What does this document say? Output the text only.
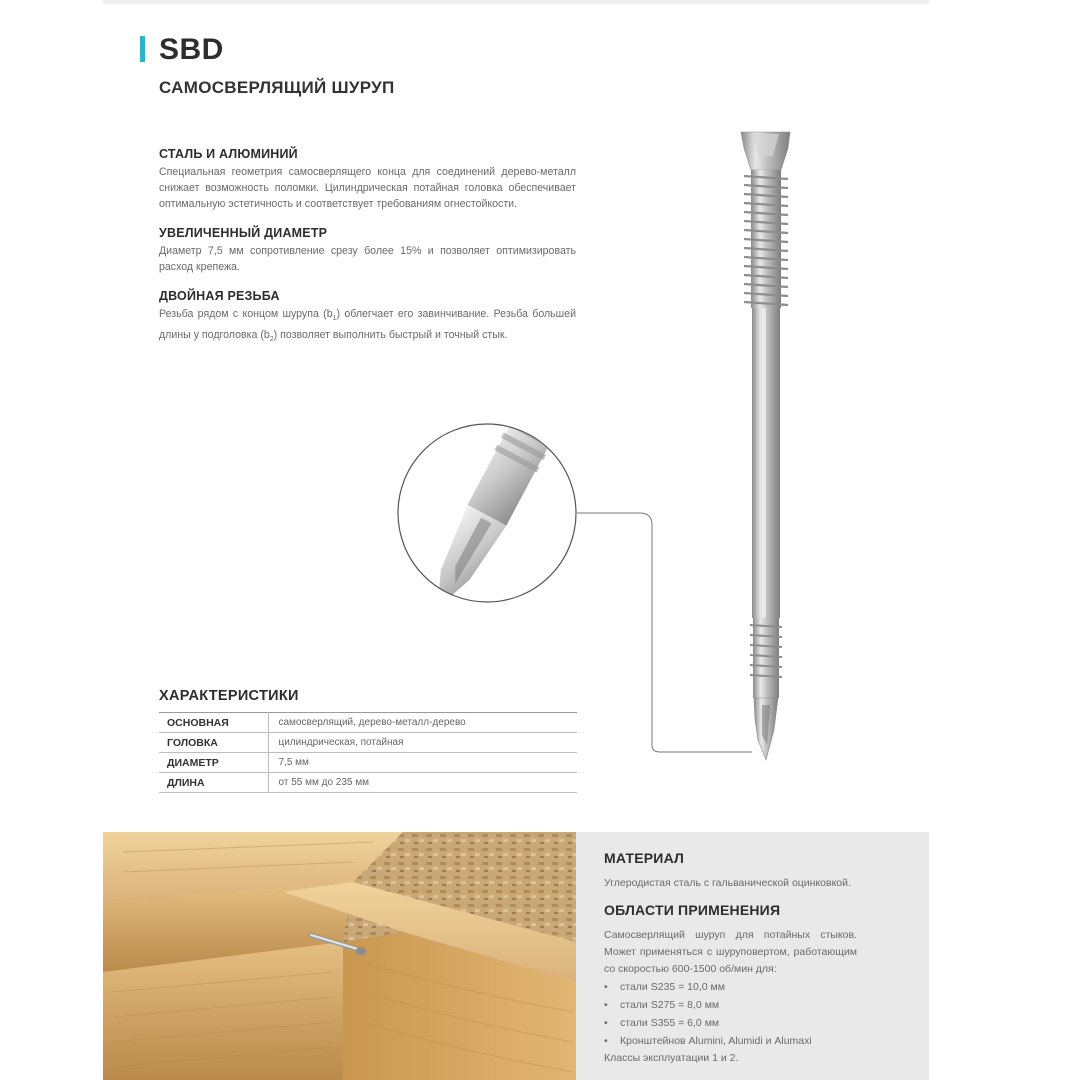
SBD
САМОСВЕРЛЯЩИЙ ШУРУП
СТАЛЬ И АЛЮМИНИЙ

Специальная геометрия самосверлящего конца для соединений дерево-металл снижает возможность поломки. Цилиндрическая потайная головка обеспечивает оптимальную эстетичность и соответствует требованиям огнестойкости.

УВЕЛИЧЕННЫЙ ДИАМЕТР

Диаметр 7,5 мм сопротивление срезу более 15% и позволяет оптимизировать расход крепежа.

ДВОЙНАЯ РЕЗЬБА

Резьба рядом с концом шурупа $(b_1)$ облегчает его завинчивание. Резьба большей длины у подголовка $(b_2)$ позволяет выполнить быстрый и точный стык.

ХАРАКТЕРИСТИКИ
ОСНОВНАЯ	самосверлящий, дерево-металл-дерево
ГОЛОВКА	цилиндрическая, потайная
ДИАМЕТР	7,5 мм
ДЛИНА	от 55 мм до 235 мм
МАТЕРИАЛ

Углеродистая сталь с гальванической оцинковкой.

ОБЛАСТИ ПРИМЕНЕНИЯ

Самосверлящий шуруп для потайных стыков. Может применяться с шуруповертом, работающим со скоростью 600-1500 об/мин для:

• стали S235 = 10,0 мм
• стали S275 = 8,0 мм
• стали S355 = 6,0 мм
• Кронштейнов Alumini, Alumidi и Alumaxi
Классы эксплуатации 1 и 2.
